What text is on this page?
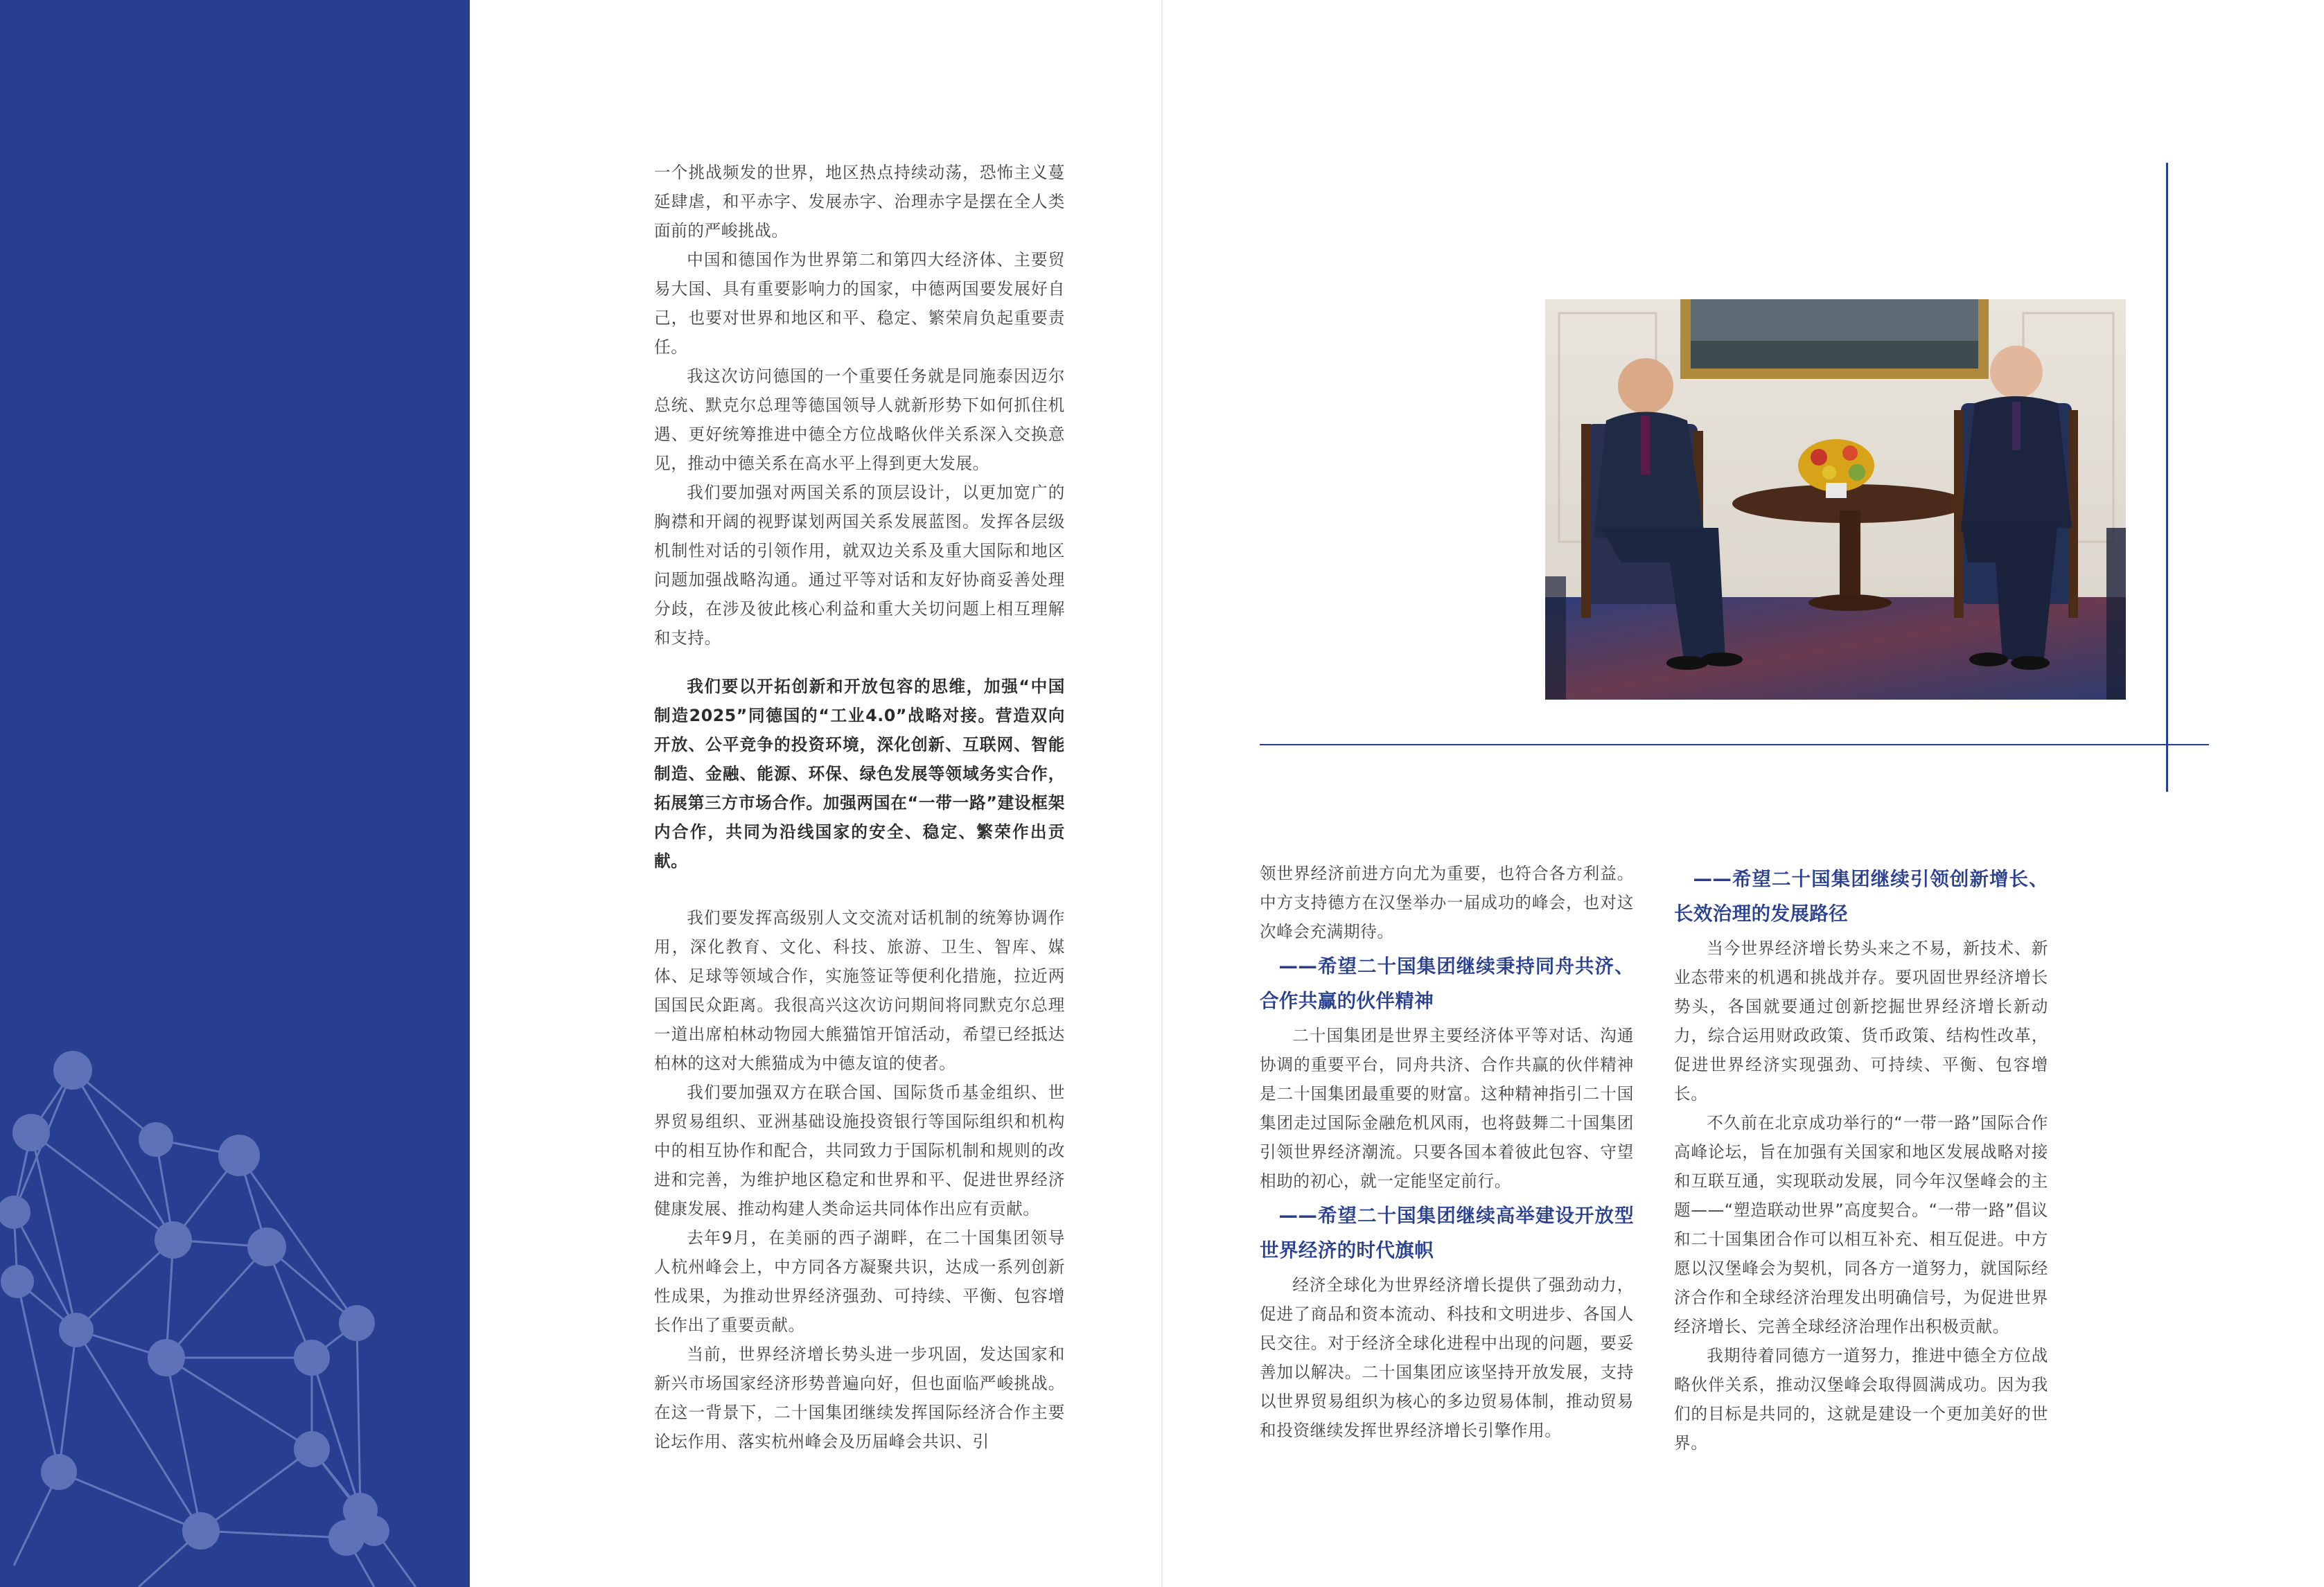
一个挑战频发的世界，地区热点持续动荡，恐怖主义蔓延肆虐，和平赤字、发展赤字、治理赤字是摆在全人类面前的严峻挑战。

中国和德国作为世界第二和第四大经济体、主要贸易大国、具有重要影响力的国家，中德两国要发展好自己，也要对世界和地区和平、稳定、繁荣肩负起重要责任。

我这次访问德国的一个重要任务就是同施泰因迈尔总统、默克尔总理等德国领导人就新形势下如何抓住机遇、更好统筹推进中德全方位战略伙伴关系深入交换意见，推动中德关系在高水平上得到更大发展。

我们要加强对两国关系的顶层设计，以更加宽广的胸襟和开阔的视野谋划两国关系发展蓝图。发挥各层级机制性对话的引领作用，就双边关系及重大国际和地区问题加强战略沟通。通过平等对话和友好协商妥善处理分歧，在涉及彼此核心利益和重大关切问题上相互理解和支持。

我们要以开拓创新和开放包容的思维，加强“中国制造2025”同德国的“工业4.0”战略对接。营造双向开放、公平竞争的投资环境，深化创新、互联网、智能制造、金融、能源、环保、绿色发展等领域务实合作，拓展第三方市场合作。加强两国在“一带一路”建设框架内合作，共同为沿线国家的安全、稳定、繁荣作出贡献。

我们要发挥高级别人文交流对话机制的统筹协调作用，深化教育、文化、科技、旅游、卫生、智库、媒体、足球等领域合作，实施签证等便利化措施，拉近两国国民众距离。我很高兴这次访问期间将同默克尔总理一道出席柏林动物园大熊猫馆开馆活动，希望已经抵达柏林的这对大熊猫成为中德友谊的使者。

我们要加强双方在联合国、国际货币基金组织、世界贸易组织、亚洲基础设施投资银行等国际组织和机构中的相互协作和配合，共同致力于国际机制和规则的改进和完善，为维护地区稳定和世界和平、促进世界经济健康发展、推动构建人类命运共同体作出应有贡献。

去年9月，在美丽的西子湖畔，在二十国集团领导人杭州峰会上，中方同各方凝聚共识，达成一系列创新性成果，为推动世界经济强劲、可持续、平衡、包容增长作出了重要贡献。

当前，世界经济增长势头进一步巩固，发达国家和新兴市场国家经济形势普遍向好，但也面临严峻挑战。在这一背景下，二十国集团继续发挥国际经济合作主要论坛作用、落实杭州峰会及历届峰会共识、引

领世界经济前进方向尤为重要，也符合各方利益。中方支持德方在汉堡举办一届成功的峰会，也对这次峰会充满期待。

——希望二十国集团继续秉持同舟共济、合作共赢的伙伴精神

二十国集团是世界主要经济体平等对话、沟通协调的重要平台，同舟共济、合作共赢的伙伴精神是二十国集团最重要的财富。这种精神指引二十国集团走过国际金融危机风雨，也将鼓舞二十国集团引领世界经济潮流。只要各国本着彼此包容、守望相助的初心，就一定能坚定前行。

——希望二十国集团继续高举建设开放型世界经济的时代旗帜

经济全球化为世界经济增长提供了强劲动力，促进了商品和资本流动、科技和文明进步、各国人民交往。对于经济全球化进程中出现的问题，要妥善加以解决。二十国集团应该坚持开放发展，支持以世界贸易组织为核心的多边贸易体制，推动贸易和投资继续发挥世界经济增长引擎作用。

——希望二十国集团继续引领创新增长、长效治理的发展路径

当今世界经济增长势头来之不易，新技术、新业态带来的机遇和挑战并存。要巩固世界经济增长势头，各国就要通过创新挖掘世界经济增长新动力，综合运用财政政策、货币政策、结构性改革，促进世界经济实现强劲、可持续、平衡、包容增长。

不久前在北京成功举行的“一带一路”国际合作高峰论坛，旨在加强有关国家和地区发展战略对接和互联互通，实现联动发展，同今年汉堡峰会的主题——“塑造联动世界”高度契合。“一带一路”倡议和二十国集团合作可以相互补充、相互促进。中方愿以汉堡峰会为契机，同各方一道努力，就国际经济合作和全球经济治理发出明确信号，为促进世界经济增长、完善全球经济治理作出积极贡献。

我期待着同德方一道努力，推进中德全方位战略伙伴关系，推动汉堡峰会取得圆满成功。因为我们的目标是共同的，这就是建设一个更加美好的世界。
